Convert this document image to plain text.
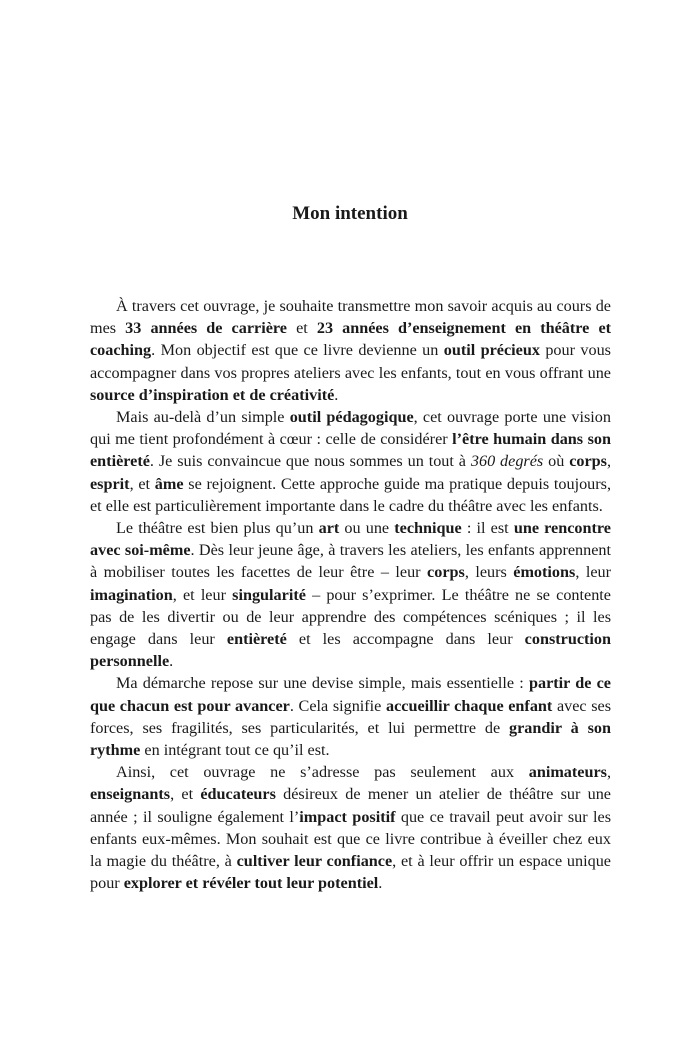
Mon intention

À travers cet ouvrage, je souhaite transmettre mon savoir acquis au cours de mes 33 années de carrière et 23 années d’enseignement en théâtre et coaching. Mon objectif est que ce livre devienne un outil précieux pour vous accompagner dans vos propres ateliers avec les enfants, tout en vous offrant une source d’inspiration et de créativité.

Mais au-delà d’un simple outil pédagogique, cet ouvrage porte une vision qui me tient profondément à cœur : celle de considérer l’être humain dans son entièreté. Je suis convaincue que nous sommes un tout à 360 degrés où corps, esprit, et âme se rejoignent. Cette approche guide ma pratique depuis toujours, et elle est particulièrement importante dans le cadre du théâtre avec les enfants.

Le théâtre est bien plus qu’un art ou une technique : il est une rencontre avec soi-même. Dès leur jeune âge, à travers les ateliers, les enfants apprennent à mobiliser toutes les facettes de leur être – leur corps, leurs émotions, leur imagination, et leur singularité – pour s’exprimer. Le théâtre ne se contente pas de les divertir ou de leur apprendre des compétences scéniques ; il les engage dans leur entièreté et les accompagne dans leur construction personnelle.

Ma démarche repose sur une devise simple, mais essentielle : partir de ce que chacun est pour avancer. Cela signifie accueillir chaque enfant avec ses forces, ses fragilités, ses particularités, et lui permettre de grandir à son rythme en intégrant tout ce qu’il est.

Ainsi, cet ouvrage ne s’adresse pas seulement aux animateurs, enseignants, et éducateurs désireux de mener un atelier de théâtre sur une année ; il souligne également l’impact positif que ce travail peut avoir sur les enfants eux-mêmes. Mon souhait est que ce livre contribue à éveiller chez eux la magie du théâtre, à cultiver leur confiance, et à leur offrir un espace unique pour explorer et révéler tout leur potentiel.
